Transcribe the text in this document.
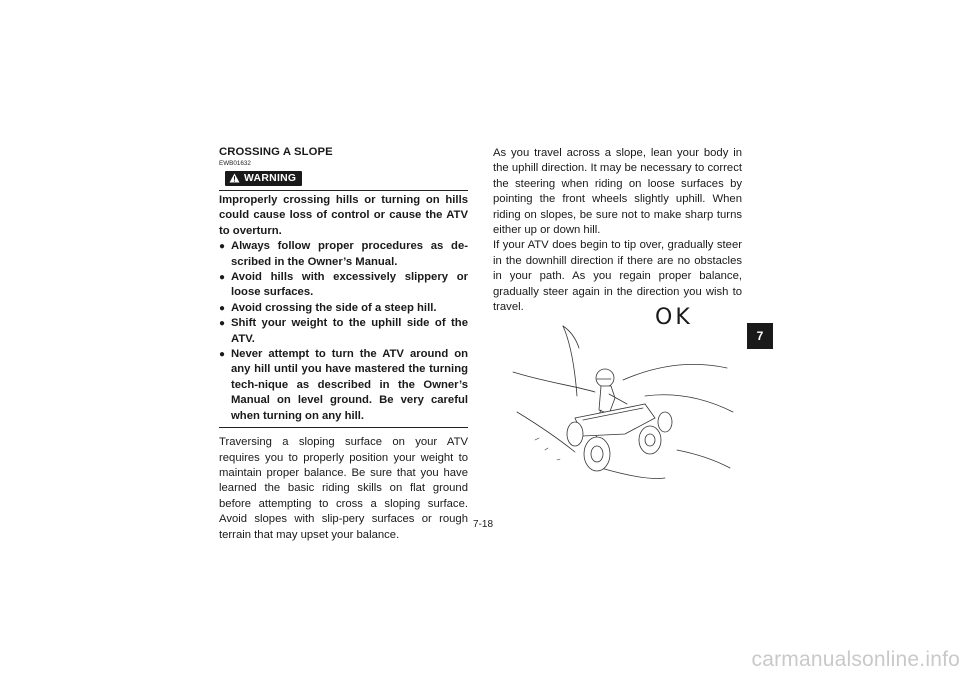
CROSSING A SLOPE
EWB01632
WARNING

Improperly crossing hills or turning on hills could cause loss of control or cause the ATV to overturn.

● Always follow proper procedures as de-scribed in the Owner’s Manual.
● Avoid hills with excessively slippery or loose surfaces.
● Avoid crossing the side of a steep hill.
● Shift your weight to the uphill side of the ATV.
● Never attempt to turn the ATV around on any hill until you have mastered the turning tech-nique as described in the Owner’s Manual on level ground. Be very careful when turning on any hill.

Traversing a sloping surface on your ATV requires you to properly position your weight to maintain proper balance. Be sure that you have learned the basic riding skills on flat ground before attempting to cross a sloping surface. Avoid slopes with slip-pery surfaces or rough terrain that may upset your balance.

As you travel across a slope, lean your body in the uphill direction. It may be necessary to correct the steering when riding on loose surfaces by pointing the front wheels slightly uphill. When riding on slopes, be sure not to make sharp turns either up or down hill.

If your ATV does begin to tip over, gradually steer in the downhill direction if there are no obstacles in your path. As you regain proper balance, gradually steer again in the direction you wish to travel.	OK
7-18
7
carmanualsonline.info
